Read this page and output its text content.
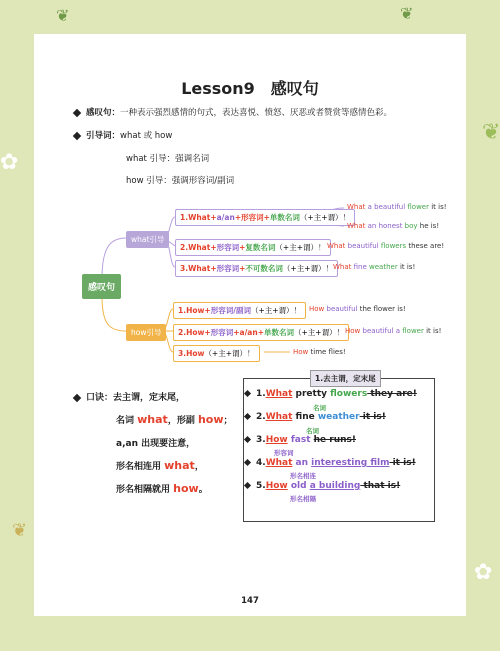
✿
✿
❦
❦	❦
❦
Lesson9　感叹句
感叹句：一种表示强烈感情的句式，表达喜悦、愤怒、厌恶或者赞赏等感情色彩。
引导词：what 或 how
what 引导：强调名词
how 引导：强调形容词/副词
感叹句
what引导
how引导
1.What+a/an+形容词+单数名词（+主+谓）！
2.What+形容词+复数名词（+主+谓）！
3.What+形容词+不可数名词（+主+谓）！
What a beautiful flower it is!
What an honest boy he is!
What beautiful flowers these are!
What fine weather it is!
1.How+形容词/副词（+主+谓）！
2.How+形容词+a/an+单数名词（+主+谓）！
3.How（+主+谓）！
How beautiful the flower is!
How beautiful a flower it is!
How time flies!
口诀：去主谓，定末尾，
名词 what，形副 how；
a,an 出现要注意，
形名相连用 what，
形名相隔就用 how。
1.去主谓，定末尾
1.What pretty flowers they are!
名词
2.What fine weather it is!
名词
3.How fast he runs!
形容词
4.What an interesting film it is!
形名相连
5.How old a building that is!
形名相隔
147
